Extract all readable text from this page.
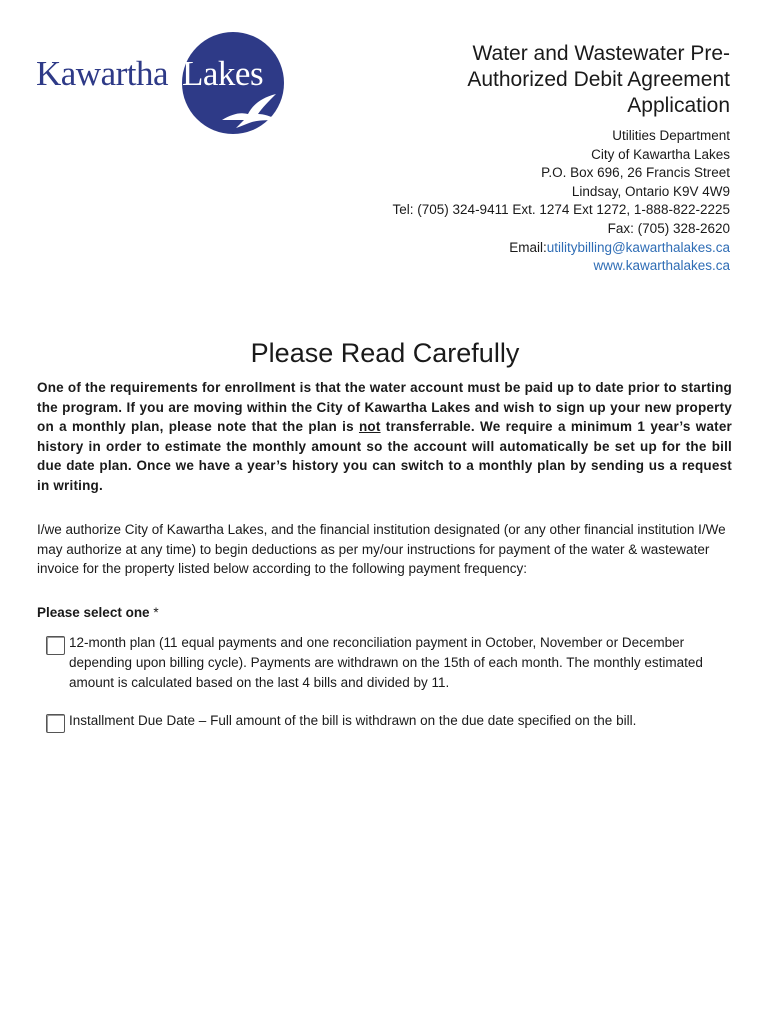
Kawartha Lakes
Water and Wastewater Pre-Authorized Debit Agreement Application
Utilities Department
City of Kawartha Lakes
P.O. Box 696, 26 Francis Street
Lindsay, Ontario K9V 4W9
Tel: (705) 324-9411 Ext. 1274 Ext 1272, 1-888-822-2225
Fax: (705) 328-2620
Email:utilitybilling@kawarthalakes.ca
www.kawarthalakes.ca
Please Read Carefully

One of the requirements for enrollment is that the water account must be paid up to date prior to starting the program. If you are moving within the City of Kawartha Lakes and wish to sign up your new property on a monthly plan, please note that the plan is not transferrable. We require a minimum 1 year’s water history in order to estimate the monthly amount so the account will automatically be set up for the bill due date plan. Once we have a year’s history you can switch to a monthly plan by sending us a request in writing.

I/we authorize City of Kawartha Lakes, and the financial institution designated (or any other financial institution I/We may authorize at any time) to begin deductions as per my/our instructions for payment of the water & wastewater invoice for the property listed below according to the following payment frequency:

Please select one *
12-month plan (11 equal payments and one reconciliation payment in October, November or December depending upon billing cycle). Payments are withdrawn on the 15th of each month. The monthly estimated amount is calculated based on the last 4 bills and divided by 11.
Installment Due Date – Full amount of the bill is withdrawn on the due date specified on the bill.
